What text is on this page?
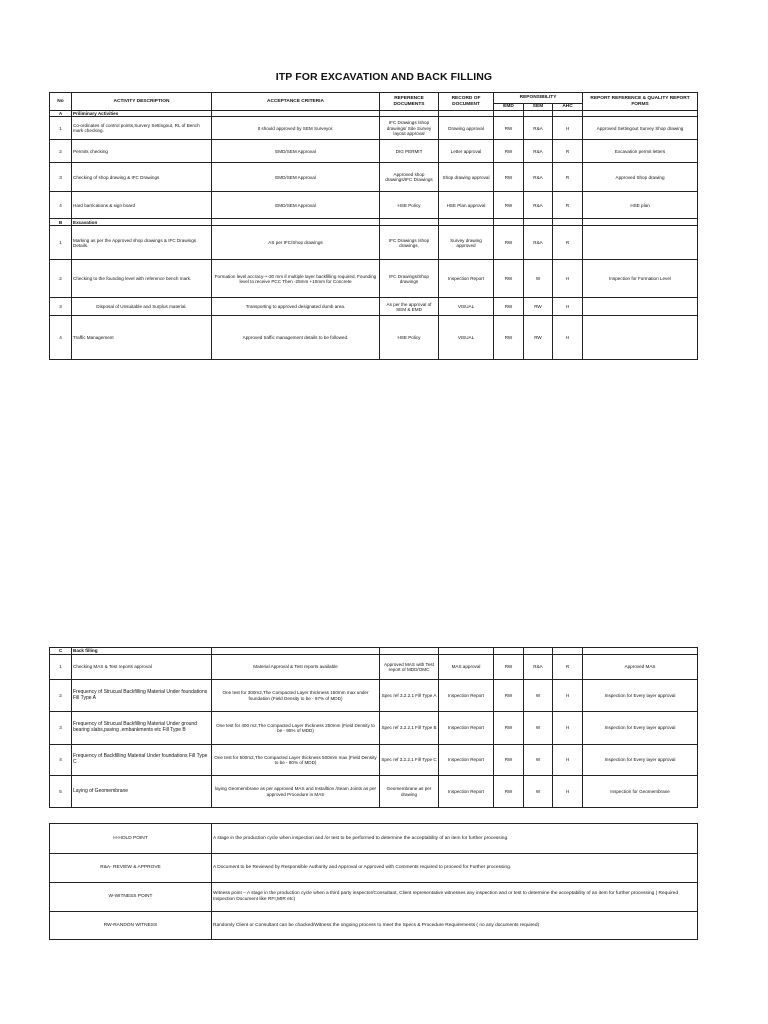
ITP FOR EXCAVATION AND BACK FILLING
No	ACTIVITY DESCRIPTION	ACCEPTANCE CRITERIA	REFERENCE DOCUMENTS	RECORD OF DOCUMENT	REPONSIBILITY			REPORT REFERENCE & QUALITY REPORT FORMS
					EMD	SEM	AHC	
A	Priliminary Activities							
1	Co-ordinates of control points,Survery Settingout, RL of Bench mark checking.	It should approved by SEM Surveyor.	IFC Drawings /shop drawings/ Site Survey layout approval	Drawing approval	RW	R&A	H	Approved Settingout Survey Shop drawing
2	Permits checking	EMD/SEM Approval	DIG PERMIT	Letter approval	RW	R&A	R	Excavation permit letters
3	Checking of shop drawing & IFC Drawings	EMD/SEM Approval	Approved shop drawings/IFC Drawings	Shop drawing approval	RW	R&A	R	Approved Shop drawing
4	Hard barrications & sign board	EMD/SEM Approval	HSE Policy	HSE Plan approval	RW	R&A	R	HSE plan
B	Excavation							
1	Marking as per the Approved shop drawings & IFC Drawings Details.	AS per IFC/Shop drawings	IFC Drawings /shop drawings,	Survey drawing approved	RW	R&A	R	
2	Checking to the founding level with reference bench mark.	Formation level accracy-+-30 mm if multiple layer backfilling required, Founding level to receive PCC Then -25mm +10mm for Concrete	IFC Drawings/Shop drawings	Inspection Report	RW	W	H	Inspection for Formation Level
3	Disposal of Unsuitable and Surplus material.	Transporting to approved designated dumb area.	As per the approval of SEM & EMD	VISUAL	RW	RW	H	
4	Traffic Management	Approved traffic management details to be followed.	HSE Policy	VISUAL	RW	RW	H	
C	Back filling							
1	Checking MAS & Test reports approval	Material Approval & Test reports available	Approved MAS with Test report of MDD/OMC	MAS approval	RW	R&A	R	Approved MAS
2	Frequency of Strucual Backfilling Material Under foundations Fill Type A	One test for 300m2,The Compacted Layer thickness 150mm max under foundation (Field Density to be - 97% of MDD)	Spec ref 3.2.2.1 Fill Type A	Inspection Report	RW	W	H	Inspection for Every layer approval
3	Frequency of Strucual Backfilling Material Under ground bearing slabs,paving ,embankments etc Fill Type B	One test for 400 m2,The Compacted Layer thickness 250mm (Field Density to be - 95% of MDD)	Spec ref 3.2.2.1 Fill Type B	Inspection Report	RW	W	H	Inspection for Every layer approval
4	Frequency of Backfilling Material Under foundations Fill Type C	One test for 500m2,The Compacted Layer thickness 500mm max (Field Density to be - 80% of MDD)	Spec ref 3.2.2.1 Fill Type C	Inspection Report	RW	W	H	Inspection for Every layer approval
5	Laying of Geomembrane	laying Geomembrane as per approved MAS and Installtion /Seam Joints as per approved Procedure in MAS	Geomembrane as per drawing	Inspection Report	RW	W	H	Inspection for Geomembrane
H-HOLD POINT	A stage in the production cycle when inspection and /or test to be performed to determine the acceptability of an item for further processing.
R&A- REVIEW & APPROVE	A Document to be Reviewed by Responsible Authority and Approval or Approved with Comments required to proceed for Further processing.
W-WITNESS POINT	Witness point – A stage in the production cycle when a third party inspector/Consultant, Client representative witnesses any inspection and or test to determine the acceptability of an item for further processing ( Required Inspection Document like RFI,MIR etc)
RW-RANDON WITNESS	Randomly Client or Consultant can be chacked/Witness the ongoing process to meet the Specs & Procedure Requirements ( no any documents required)
